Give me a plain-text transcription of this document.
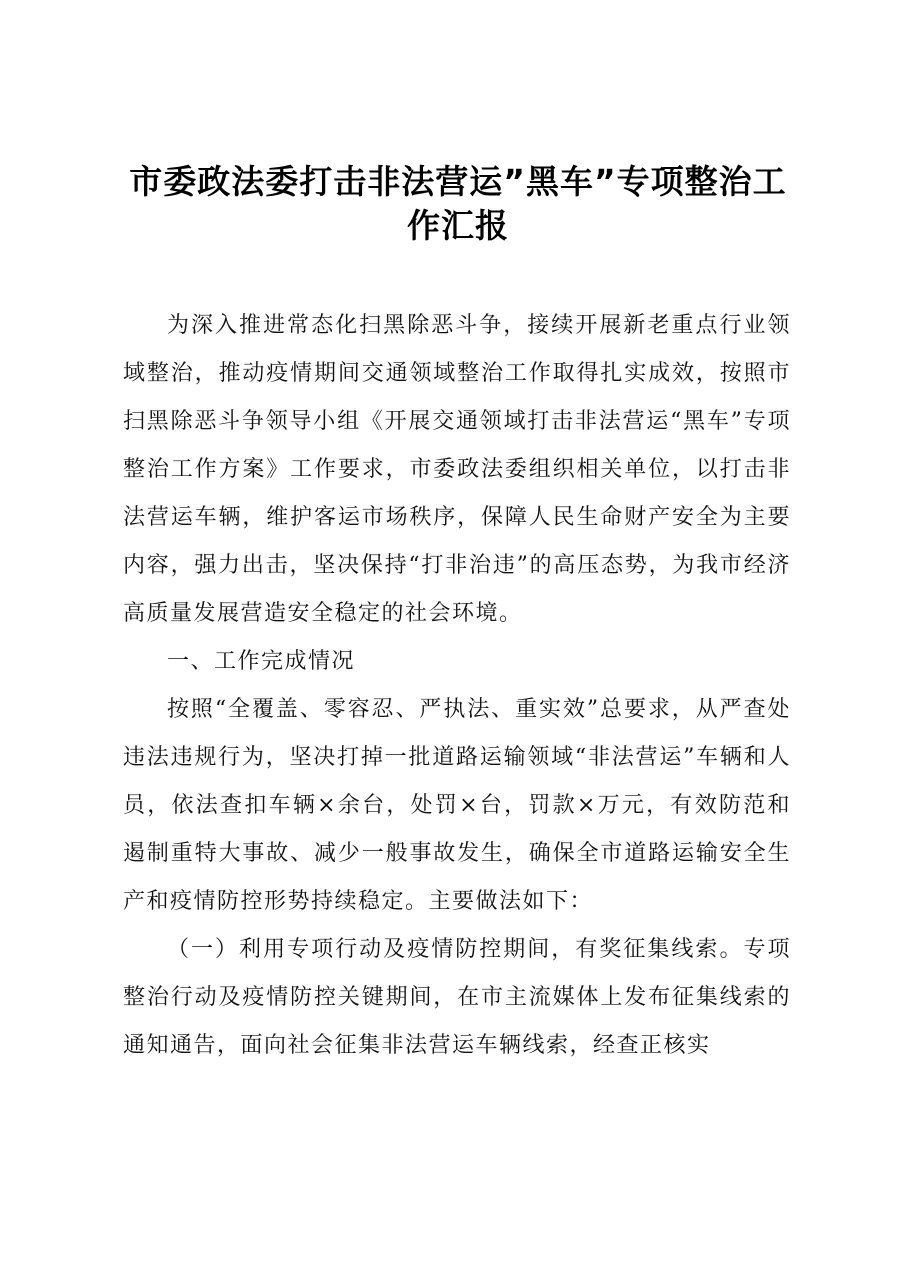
市委政法委打击非法营运”黑车”专项整治工作汇报

为深入推进常态化扫黑除恶斗争，接续开展新老重点行业领域整治，推动疫情期间交通领域整治工作取得扎实成效，按照市扫黑除恶斗争领导小组《开展交通领域打击非法营运“黑车”专项整治工作方案》工作要求，市委政法委组织相关单位，以打击非法营运车辆，维护客运市场秩序，保障人民生命财产安全为主要内容，强力出击，坚决保持“打非治违”的高压态势，为我市经济高质量发展营造安全稳定的社会环境。

一、工作完成情况

按照“全覆盖、零容忍、严执法、重实效”总要求，从严查处违法违规行为，坚决打掉一批道路运输领域“非法营运”车辆和人员，依法查扣车辆×余台，处罚×台，罚款×万元，有效防范和遏制重特大事故、减少一般事故发生，确保全市道路运输安全生产和疫情防控形势持续稳定。主要做法如下：

（一）利用专项行动及疫情防控期间，有奖征集线索。专项整治行动及疫情防控关键期间，在市主流媒体上发布征集线索的通知通告，面向社会征集非法营运车辆线索，经查正核实
